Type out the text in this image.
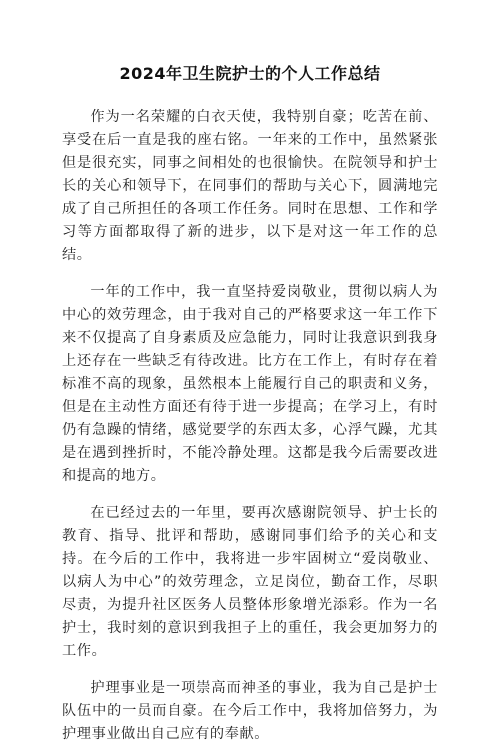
2024年卫生院护士的个人工作总结

作为一名荣耀的白衣天使，我特别自豪；吃苦在前、享受在后一直是我的座右铭。一年来的工作中，虽然紧张但是很充实，同事之间相处的也很愉快。在院领导和护士长的关心和领导下，在同事们的帮助与关心下，圆满地完成了自己所担任的各项工作任务。同时在思想、工作和学习等方面都取得了新的进步，以下是对这一年工作的总结。

一年的工作中，我一直坚持爱岗敬业，贯彻以病人为中心的效劳理念，由于我对自己的严格要求这一年工作下来不仅提高了自身素质及应急能力，同时让我意识到我身上还存在一些缺乏有待改进。比方在工作上，有时存在着标准不高的现象，虽然根本上能履行自己的职责和义务，但是在主动性方面还有待于进一步提高；在学习上，有时仍有急躁的情绪，感觉要学的东西太多，心浮气躁，尤其是在遇到挫折时，不能冷静处理。这都是我今后需要改进和提高的地方。

在已经过去的一年里，要再次感谢院领导、护士长的教育、指导、批评和帮助，感谢同事们给予的关心和支持。在今后的工作中，我将进一步牢固树立“爱岗敬业、以病人为中心”的效劳理念，立足岗位，勤奋工作，尽职尽责，为提升社区医务人员整体形象增光添彩。作为一名护士，我时刻的意识到我担子上的重任，我会更加努力的工作。

护理事业是一项崇高而神圣的事业，我为自己是护士队伍中的一员而自豪。在今后工作中，我将加倍努力，为护理事业做出自己应有的奉献。
